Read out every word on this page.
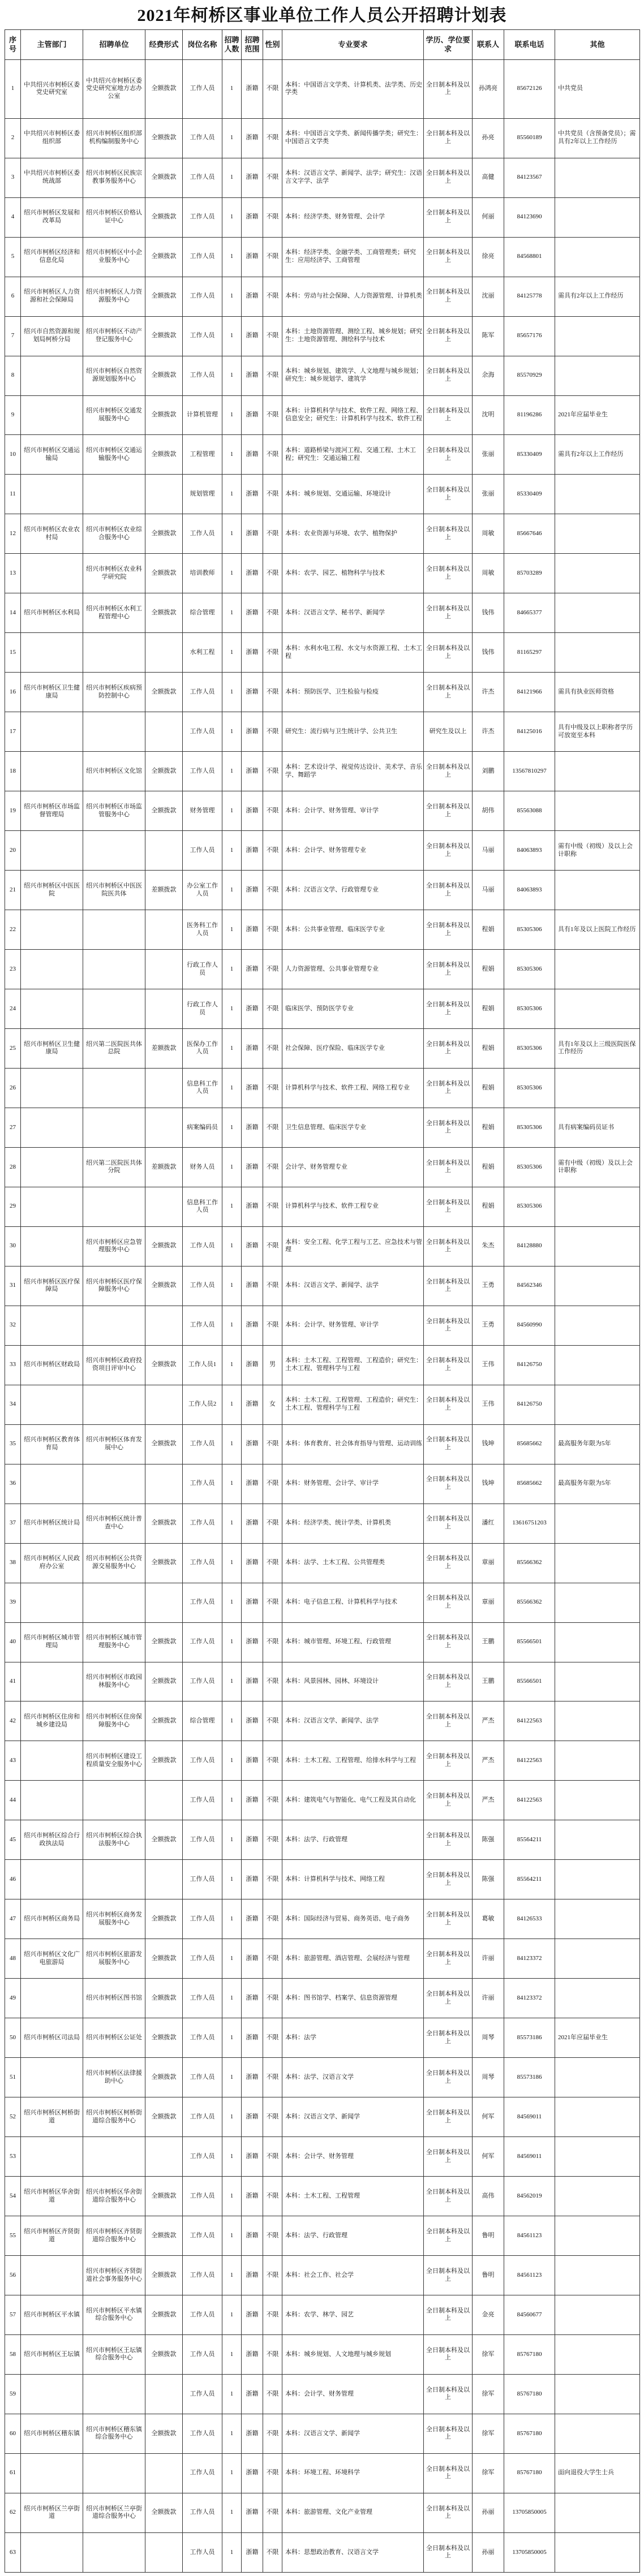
2021年柯桥区事业单位工作人员公开招聘计划表
序号	主管部门	招聘单位	经费形式	岗位名称	招聘人数	招聘范围	性别	专业要求	学历、学位要求	联系人	联系电话	其他
1	中共绍兴市柯桥区委党史研究室	中共绍兴市柯桥区委党史研究室地方志办公室	全额拨款	工作人员	1	浙籍	不限	本科：中国语言文学类、计算机类、法学类、历史学类	全日制本科及以上	孙鸿亮	85672126	中共党员
2	中共绍兴市柯桥区委组织部	绍兴市柯桥区组织部机构编制服务中心	全额拨款	工作人员	1	浙籍	不限	本科：中国语言文学类、新闻传播学类；研究生：中国语言文学类	全日制本科及以上	孙亮	85560189	中共党员（含预备党员）；需具有2年以上工作经历
3	中共绍兴市柯桥区委统战部	绍兴市柯桥区民族宗教事务服务中心	全额拨款	工作人员	1	浙籍	不限	本科：汉语言文学、新闻学、法学；研究生：汉语言文字学、法学	全日制本科及以上	高健	84123567	
4	绍兴市柯桥区发展和改革局	绍兴市柯桥区价格认证中心	全额拨款	工作人员	1	浙籍	不限	本科：经济学类、财务管理、会计学	全日制本科及以上	何丽	84123690	
5	绍兴市柯桥区经济和信息化局	绍兴市柯桥区中小企业服务中心	全额拨款	工作人员	1	浙籍	不限	本科：经济学类、金融学类、工商管理类；研究生：应用经济学、工商管理	全日制本科及以上	徐亮	84568801	
6	绍兴市柯桥区人力资源和社会保障局	绍兴市柯桥区人力资源服务中心	全额拨款	工作人员	1	浙籍	不限	本科：劳动与社会保障、人力资源管理、计算机类	全日制本科及以上	沈丽	84125778	需具有2年以上工作经历
7	绍兴市自然资源和规划局柯桥分局	绍兴市柯桥区不动产登记服务中心	全额拨款	工作人员	1	浙籍	不限	本科：土地资源管理、测绘工程、城乡规划；研究生：土地资源管理、测绘科学与技术	全日制本科及以上	陈军	85657176	
8		绍兴市柯桥区自然资源规划服务中心	全额拨款	工作人员	1	浙籍	不限	本科：城乡规划、建筑学、人文地理与城乡规划；研究生：城乡规划学、建筑学	全日制本科及以上	余海	85570929	
9		绍兴市柯桥区交通发展服务中心	全额拨款	计算机管理	1	浙籍	不限	本科：计算机科学与技术、软件工程、网络工程、信息安全；研究生：计算机科学与技术、软件工程	全日制本科及以上	沈明	81196286	2021年应届毕业生
10	绍兴市柯桥区交通运输局	绍兴市柯桥区交通运输服务中心	全额拨款	工程管理	1	浙籍	不限	本科：道路桥梁与渡河工程、交通工程、土木工程；研究生：交通运输工程	全日制本科及以上	张丽	85330409	需具有2年以上工作经历
11				规划管理	1	浙籍	不限	本科：城乡规划、交通运输、环境设计	全日制本科及以上	张丽	85330409	
12	绍兴市柯桥区农业农村局	绍兴市柯桥区农业综合服务中心	全额拨款	工作人员	1	浙籍	不限	本科：农业资源与环境、农学、植物保护	全日制本科及以上	周敏	85667646	
13		绍兴市柯桥区农业科学研究院	全额拨款	培训教师	1	浙籍	不限	本科：农学、园艺、植物科学与技术	全日制本科及以上	周敏	85703289	
14	绍兴市柯桥区水利局	绍兴市柯桥区水利工程管理中心	全额拨款	综合管理	1	浙籍	不限	本科：汉语言文学、秘书学、新闻学	全日制本科及以上	钱伟	84665377	
15				水利工程	1	浙籍	不限	本科：水利水电工程、水文与水资源工程、土木工程	全日制本科及以上	钱伟	81165297	
16	绍兴市柯桥区卫生健康局	绍兴市柯桥区疾病预防控制中心	全额拨款	工作人员	1	浙籍	不限	本科：预防医学、卫生检验与检疫	全日制本科及以上	许杰	84121966	需具有执业医师资格
17				工作人员	1	浙籍	不限	研究生：流行病与卫生统计学、公共卫生	研究生及以上	许杰	84125016	具有中级及以上职称者学历可放宽至本科
18		绍兴市柯桥区文化馆	全额拨款	工作人员	1	浙籍	不限	本科：艺术设计学、视觉传达设计、美术学、音乐学、舞蹈学	全日制本科及以上	刘鹏	13567810297	
19	绍兴市柯桥区市场监督管理局	绍兴市柯桥区市场监管服务中心	全额拨款	财务管理	1	浙籍	不限	本科：会计学、财务管理、审计学	全日制本科及以上	胡伟	85563088	
20				工作人员	1	浙籍	不限	本科：会计学、财务管理专业	全日制本科及以上	马丽	84063893	需有中级（初级）及以上会计职称
21	绍兴市柯桥区中医医院	绍兴市柯桥区中医医院医共体	差额拨款	办公室工作人员	1	浙籍	不限	本科：汉语言文学、行政管理专业	全日制本科及以上	马丽	84063893	
22				医务科工作人员	1	浙籍	不限	本科：公共事业管理、临床医学专业	全日制本科及以上	程娟	85305306	具有1年及以上医院工作经历
23				行政工作人员	1	浙籍	不限	人力资源管理、公共事业管理专业	全日制本科及以上	程娟	85305306	
24				行政工作人员	1	浙籍	不限	临床医学、预防医学专业	全日制本科及以上	程娟	85305306	
25	绍兴市柯桥区卫生健康局	绍兴第二医院医共体总院	差额拨款	医保办工作人员	1	浙籍	不限	社会保障、医疗保险、临床医学专业	全日制本科及以上	程娟	85305306	具有1年及以上三级医院医保工作经历
26				信息科工作人员	1	浙籍	不限	计算机科学与技术、软件工程、网络工程专业	全日制本科及以上	程娟	85305306	
27				病案编码员	1	浙籍	不限	卫生信息管理、临床医学专业	全日制本科及以上	程娟	85305306	具有病案编码员证书
28		绍兴第二医院医共体分院	差额拨款	财务人员	1	浙籍	不限	会计学、财务管理专业	全日制本科及以上	程娟	85305306	需有中级（初级）及以上会计职称
29				信息科工作人员	1	浙籍	不限	计算机科学与技术、软件工程专业	全日制本科及以上	程娟	85305306	
30		绍兴市柯桥区应急管理服务中心	全额拨款	工作人员	1	浙籍	不限	本科：安全工程、化学工程与工艺、应急技术与管理	全日制本科及以上	朱杰	84128880	
31	绍兴市柯桥区医疗保障局	绍兴市柯桥区医疗保障服务中心	全额拨款	工作人员	1	浙籍	不限	本科：汉语言文学、新闻学、法学	全日制本科及以上	王勇	84562346	
32				工作人员	1	浙籍	不限	本科：会计学、财务管理、审计学	全日制本科及以上	王勇	84560990	
33	绍兴市柯桥区财政局	绍兴市柯桥区政府投资项目评审中心	全额拨款	工作人员1	1	浙籍	男	本科：土木工程、工程管理、工程造价；研究生：土木工程、管理科学与工程	全日制本科及以上	王伟	84126750	
34				工作人员2	1	浙籍	女	本科：土木工程、工程管理、工程造价；研究生：土木工程、管理科学与工程	全日制本科及以上	王伟	84126750	
35	绍兴市柯桥区教育体育局	绍兴市柯桥区体育发展中心	全额拨款	工作人员	1	浙籍	不限	本科：体育教育、社会体育指导与管理、运动训练	全日制本科及以上	钱坤	85685662	最高服务年限为5年
36				工作人员	1	浙籍	不限	本科：财务管理、会计学、审计学	全日制本科及以上	钱坤	85685662	最高服务年限为5年
37	绍兴市柯桥区统计局	绍兴市柯桥区统计普查中心	全额拨款	工作人员	1	浙籍	不限	本科：经济学类、统计学类、计算机类	全日制本科及以上	潘红	13616751203	
38	绍兴市柯桥区人民政府办公室	绍兴市柯桥区公共资源交易服务中心	全额拨款	工作人员	1	浙籍	不限	本科：法学、土木工程、公共管理类	全日制本科及以上	章丽	85566362	
39				工作人员	1	浙籍	不限	本科：电子信息工程、计算机科学与技术	全日制本科及以上	章丽	85566362	
40	绍兴市柯桥区城市管理局	绍兴市柯桥区城市管理服务中心	全额拨款	工作人员	1	浙籍	不限	本科：城市管理、环境工程、行政管理	全日制本科及以上	王鹏	85566501	
41		绍兴市柯桥区市政园林服务中心	全额拨款	工作人员	1	浙籍	不限	本科：风景园林、园林、环境设计	全日制本科及以上	王鹏	85566501	
42	绍兴市柯桥区住房和城乡建设局	绍兴市柯桥区住房保障服务中心	全额拨款	综合管理	1	浙籍	不限	本科：汉语言文学、新闻学、法学	全日制本科及以上	严杰	84122563	
43		绍兴市柯桥区建设工程质量安全服务中心	全额拨款	工作人员	1	浙籍	不限	本科：土木工程、工程管理、给排水科学与工程	全日制本科及以上	严杰	84122563	
44				工作人员	1	浙籍	不限	本科：建筑电气与智能化、电气工程及其自动化	全日制本科及以上	严杰	84122563	
45	绍兴市柯桥区综合行政执法局	绍兴市柯桥区综合执法服务中心	全额拨款	工作人员	1	浙籍	不限	本科：法学、行政管理	全日制本科及以上	陈强	85564211	
46				工作人员	1	浙籍	不限	本科：计算机科学与技术、网络工程	全日制本科及以上	陈强	85564211	
47	绍兴市柯桥区商务局	绍兴市柯桥区商务发展服务中心	全额拨款	工作人员	1	浙籍	不限	本科：国际经济与贸易、商务英语、电子商务	全日制本科及以上	葛敏	84126533	
48	绍兴市柯桥区文化广电旅游局	绍兴市柯桥区旅游发展服务中心	全额拨款	工作人员	1	浙籍	不限	本科：旅游管理、酒店管理、会展经济与管理	全日制本科及以上	许丽	84123372	
49		绍兴市柯桥区图书馆	全额拨款	工作人员	1	浙籍	不限	本科：图书馆学、档案学、信息资源管理	全日制本科及以上	许丽	84123372	
50	绍兴市柯桥区司法局	绍兴市柯桥区公证处	全额拨款	工作人员	1	浙籍	不限	本科：法学	全日制本科及以上	周琴	85573186	2021年应届毕业生
51		绍兴市柯桥区法律援助中心	全额拨款	工作人员	1	浙籍	不限	本科：法学、汉语言文学	全日制本科及以上	周琴	85573186	
52	绍兴市柯桥区柯桥街道	绍兴市柯桥区柯桥街道综合服务中心	全额拨款	工作人员	1	浙籍	不限	本科：汉语言文学、新闻学	全日制本科及以上	何军	84569011	
53				工作人员	1	浙籍	不限	本科：会计学、财务管理	全日制本科及以上	何军	84569011	
54	绍兴市柯桥区华舍街道	绍兴市柯桥区华舍街道综合服务中心	全额拨款	工作人员	1	浙籍	不限	本科：土木工程、工程管理	全日制本科及以上	高伟	84562019	
55	绍兴市柯桥区齐贤街道	绍兴市柯桥区齐贤街道综合服务中心	全额拨款	工作人员	1	浙籍	不限	本科：法学、行政管理	全日制本科及以上	鲁明	84561123	
56		绍兴市柯桥区齐贤街道社会事务服务中心	全额拨款	工作人员	1	浙籍	不限	本科：社会工作、社会学	全日制本科及以上	鲁明	84561123	
57	绍兴市柯桥区平水镇	绍兴市柯桥区平水镇综合服务中心	全额拨款	工作人员	1	浙籍	不限	本科：农学、林学、园艺	全日制本科及以上	金亮	84560677	
58	绍兴市柯桥区王坛镇	绍兴市柯桥区王坛镇综合服务中心	全额拨款	工作人员	1	浙籍	不限	本科：城乡规划、人文地理与城乡规划	全日制本科及以上	徐军	85767180	
59				工作人员	1	浙籍	不限	本科：会计学、财务管理	全日制本科及以上	徐军	85767180	
60	绍兴市柯桥区稽东镇	绍兴市柯桥区稽东镇综合服务中心	全额拨款	工作人员	1	浙籍	不限	本科：汉语言文学、新闻学	全日制本科及以上	徐军	85767180	
61				工作人员	1	浙籍	不限	本科：环境工程、环境科学	全日制本科及以上	徐军	85767180	面向退役大学生士兵
62	绍兴市柯桥区兰亭街道	绍兴市柯桥区兰亭街道综合服务中心	全额拨款	工作人员	1	浙籍	不限	本科：旅游管理、文化产业管理	全日制本科及以上	孙丽	13705850005	
63				工作人员	1	浙籍	不限	本科：思想政治教育、汉语言文学	全日制本科及以上	孙丽	13705850005	
